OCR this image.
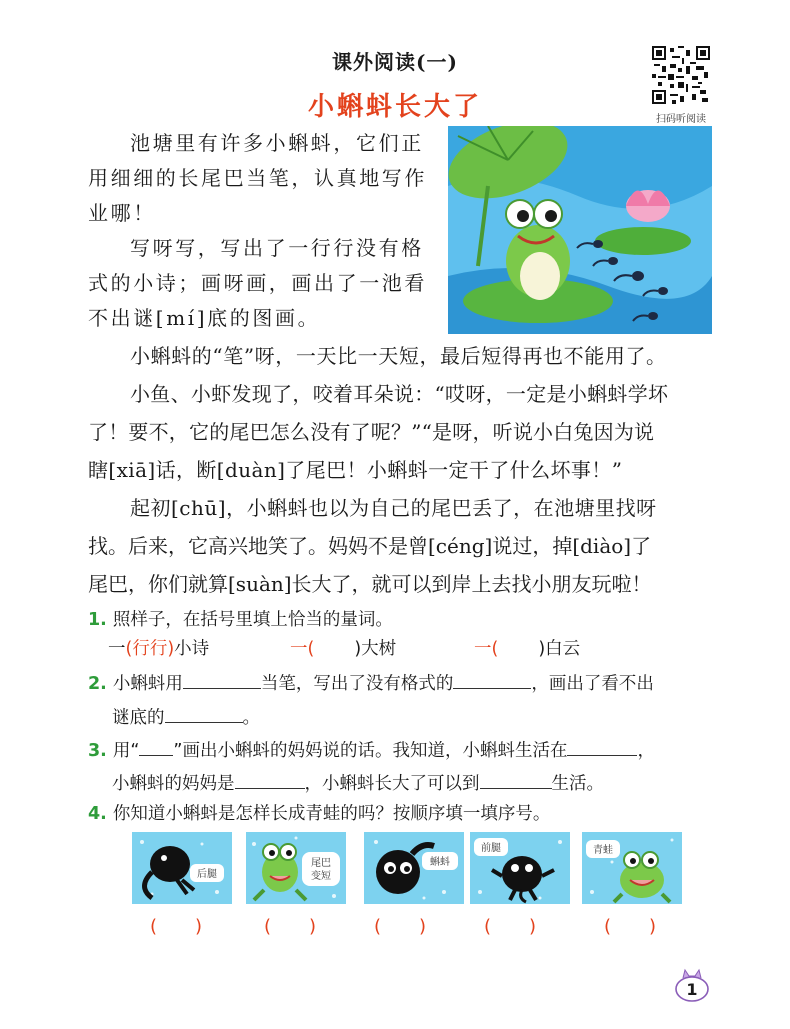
课外阅读(一)
小蝌蚪长大了	扫码听阅读
池塘里有许多小蝌蚪，它们正
用细细的长尾巴当笔，认真地写作
业哪！
写呀写，写出了一行行没有格
式的小诗；画呀画，画出了一池看
不出谜[mí]底的图画。
小蝌蚪的“笔”呀，一天比一天短，最后短得再也不能用了。
小鱼、小虾发现了，咬着耳朵说：“哎呀，一定是小蝌蚪学坏
了！要不，它的尾巴怎么没有了呢？”“是呀，听说小白兔因为说
瞎[xiā]话，断[duàn]了尾巴！小蝌蚪一定干了什么坏事！”
起初[chū]，小蝌蚪也以为自己的尾巴丢了，在池塘里找呀
找。后来，它高兴地笑了。妈妈不是曾[céng]说过，掉[diào]了
尾巴，你们就算[suàn]长大了，就可以到岸上去找小朋友玩啦！
1. 照样子，在括号里填上恰当的量词。
一(行行)小诗	一( )大树	一( )白云
2. 小蝌蚪用	当笔，写出了没有格式的	，画出了看不出
谜底的	。
3. 用“ ”画出小蝌蚪的妈妈说的话。我知道，小蝌蚪生活在	，
小蝌蚪的妈妈是	，小蝌蚪长大了可以到	生活。
4. 你知道小蝌蚪是怎样长成青蛙的吗？按顺序填一填序号。
后腿
尾巴
变短
蝌蚪
前腿	青蛙
() () () () ()
1
